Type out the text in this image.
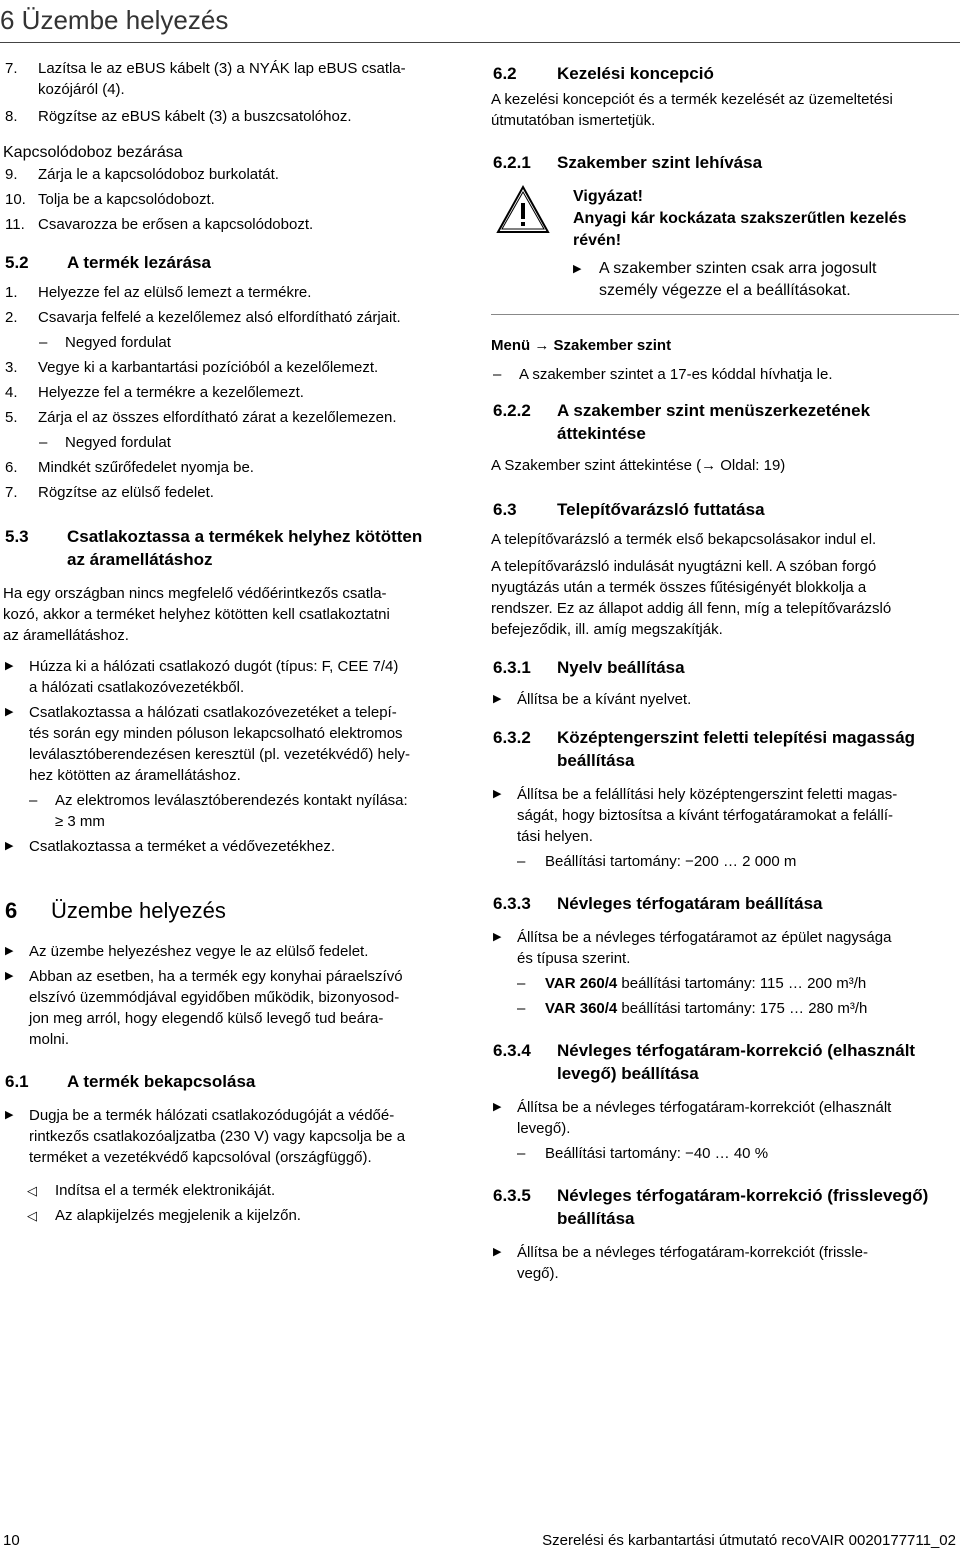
6 Üzembe helyezés
7. Lazítsa le az eBUS kábelt (3) a NYÁK lap eBUS csatla-
kozójáról (4).
8. Rögzítse az eBUS kábelt (3) a buszcsatolóhoz.
Kapcsolódoboz bezárása
9. Zárja le a kapcsolódoboz burkolatát.
10. Tolja be a kapcsolódobozt.
11. Csavarozza be erősen a kapcsolódobozt.
5.2 A termék lezárása
1. Helyezze fel az elülső lemezt a termékre.
2. Csavarja felfelé a kezelőlemez alsó elfordítható zárjait.
– Negyed fordulat
3. Vegye ki a karbantartási pozícióból a kezelőlemezt.
4. Helyezze fel a termékre a kezelőlemezt.
5. Zárja el az összes elfordítható zárat a kezelőlemezen.
– Negyed fordulat
6. Mindkét szűrőfedelet nyomja be.
7. Rögzítse az elülső fedelet.
5.3 Csatlakoztassa a termékek helyhez kötötten
az áramellátáshoz

Ha egy országban nincs megfelelő védőérintkezős csatla-

kozó, akkor a terméket helyhez kötötten kell csatlakoztatni

az áramellátáshoz.

▶ Húzza ki a hálózati csatlakozó dugót (típus: F, CEE 7/4)

a hálózati csatlakozóvezetékből.

▶ Csatlakoztassa a hálózati csatlakozóvezetéket a telepí-

tés során egy minden póluson lekapcsolható elektromos

leválasztóberendezésen keresztül (pl. vezetékvédő) hely-

hez kötötten az áramellátáshoz.

– Az elektromos leválasztóberendezés kontakt nyílása:

≥ 3 mm

▶ Csatlakoztassa a terméket a védővezetékhez.
6 Üzembe helyezés
▶ Az üzembe helyezéshez vegye le az elülső fedelet.
▶ Abban az esetben, ha a termék egy konyhai páraelszívó

elszívó üzemmódjával egyidőben működik, bizonyosod-

jon meg arról, hogy elegendő külső levegő tud beára-

molni.

6.1 A termék bekapcsolása
▶ Dugja be a termék hálózati csatlakozódugóját a védőé-

rintkezős csatlakozóaljzatba (230 V) vagy kapcsolja be a

terméket a vezetékvédő kapcsolóval (országfüggő).

◁ Indítsa el a termék elektronikáját.
◁ Az alapkijelzés megjelenik a kijelzőn.
6.2 Kezelési koncepció

A kezelési koncepciót és a termék kezelését az üzemeltetési

útmutatóban ismertetjük.

6.2.1 Szakember szint lehívása
Vigyázat!
Anyagi kár kockázata szakszerűtlen kezelés
révén!
▶ A szakember szinten csak arra jogosult
személy végezze el a beállításokat.
Menü → Szakember szint
– A szakember szintet a 17-es kóddal hívhatja le.
6.2.2 A szakember szint menüszerkezetének
áttekintése

A Szakember szint áttekintése (→ Oldal: 19)

6.3 Telepítővarázsló futtatása

A telepítővarázsló a termék első bekapcsolásakor indul el.

A telepítővarázsló indulását nyugtázni kell. A szóban forgó

nyugtázás után a termék összes fűtésigényét blokkolja a

rendszer. Ez az állapot addig áll fenn, míg a telepítővarázsló

befejeződik, ill. amíg megszakítják.

6.3.1 Nyelv beállítása
▶ Állítsa be a kívánt nyelvet.
6.3.2 Középtengerszint feletti telepítési magasság
beállítása
▶ Állítsa be a felállítási hely középtengerszint feletti magas-

ságát, hogy biztosítsa a kívánt térfogatáramokat a felállí-

tási helyen.

– Beállítási tartomány: −200 … 2 000 m
6.3.3 Névleges térfogatáram beállítása
▶ Állítsa be a névleges térfogatáramot az épület nagysága

és típusa szerint.

– VAR 260/4 beállítási tartomány: 115 … 200 m³/h
– VAR 360/4 beállítási tartomány: 175 … 280 m³/h
6.3.4 Névleges térfogatáram-korrekció (elhasznált
levegő) beállítása
▶ Állítsa be a névleges térfogatáram-korrekciót (elhasznált

levegő).

– Beállítási tartomány: −40 … 40 %
6.3.5 Névleges térfogatáram-korrekció (frisslevegő)
beállítása
▶ Állítsa be a névleges térfogatáram-korrekciót (frissle-

vegő).

10	Szerelési és karbantartási útmutató recoVAIR 0020177711_02
